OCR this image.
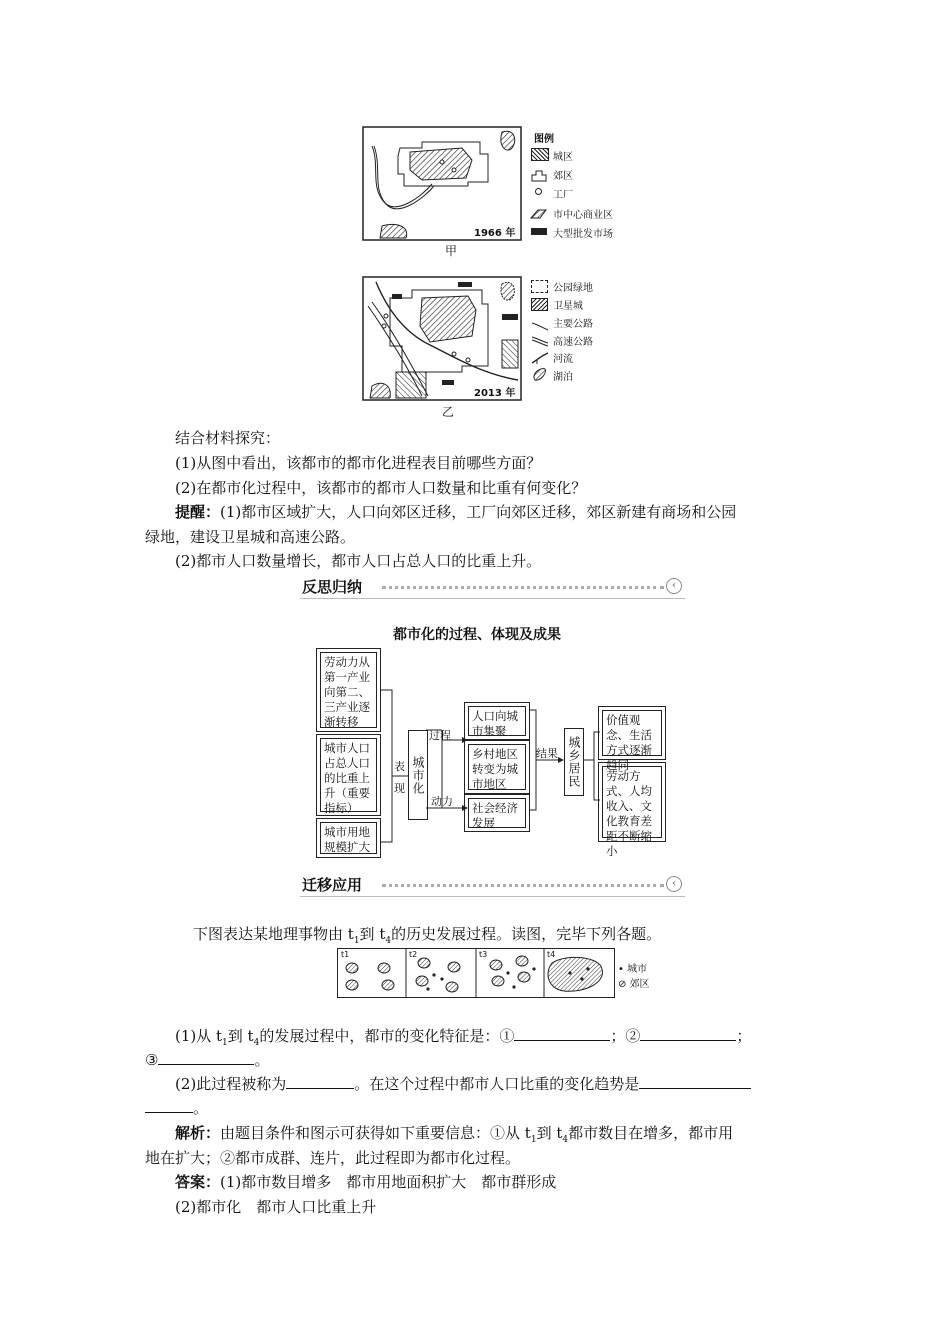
1966 年
甲
图例
城区
郊区
工厂
市中心商业区
大型批发市场
2013 年
乙
公园绿地
卫星城
主要公路
高速公路
河流
湖泊
结合材料探究：
(1)从图中看出，该都市的都市化进程表目前哪些方面？
(2)在都市化过程中，该都市的都市人口数量和比重有何变化？
提醒：(1)都市区域扩大，人口向郊区迁移，工厂向郊区迁移，郊区新建有商场和公园
绿地，建设卫星城和高速公路。
(2)都市人口数量增长，都市人口占总人口的比重上升。
反思归纳	‹
都市化的过程、体现及成果
劳动力从第一产业向第二、三产业逐渐转移
城市人口占总人口的比重上升（重要指标）
城市用地规模扩大
表
现 城市化
过程
动力
人口向城市集聚
乡村地区转变为城市地区
社会经济发展
结果 城乡居民
价值观念、生活方式逐渐趋同
劳动方式、人均收入、文化教育差距不断缩小
迁移应用	‹
下图表达某地理事物由 $t_1$到 $t_4$的历史发展过程。读图，完毕下列各题。
t1	t2	t3	t4
• 城市
⊘ 郊区
(1)从 $t_1$到 $t_4$的发展过程中，都市的变化特征是：①	；②	；
③	。
(2)此过程被称为	。在这个过程中都市人口比重的变化趋势是
。
解析：由题目条件和图示可获得如下重要信息：①从 $t_1$到 $t_4$都市数目在增多，都市用
地在扩大；②都市成群、连片，此过程即为都市化过程。
答案：(1)都市数目增多　都市用地面积扩大　都市群形成
(2)都市化　都市人口比重上升
